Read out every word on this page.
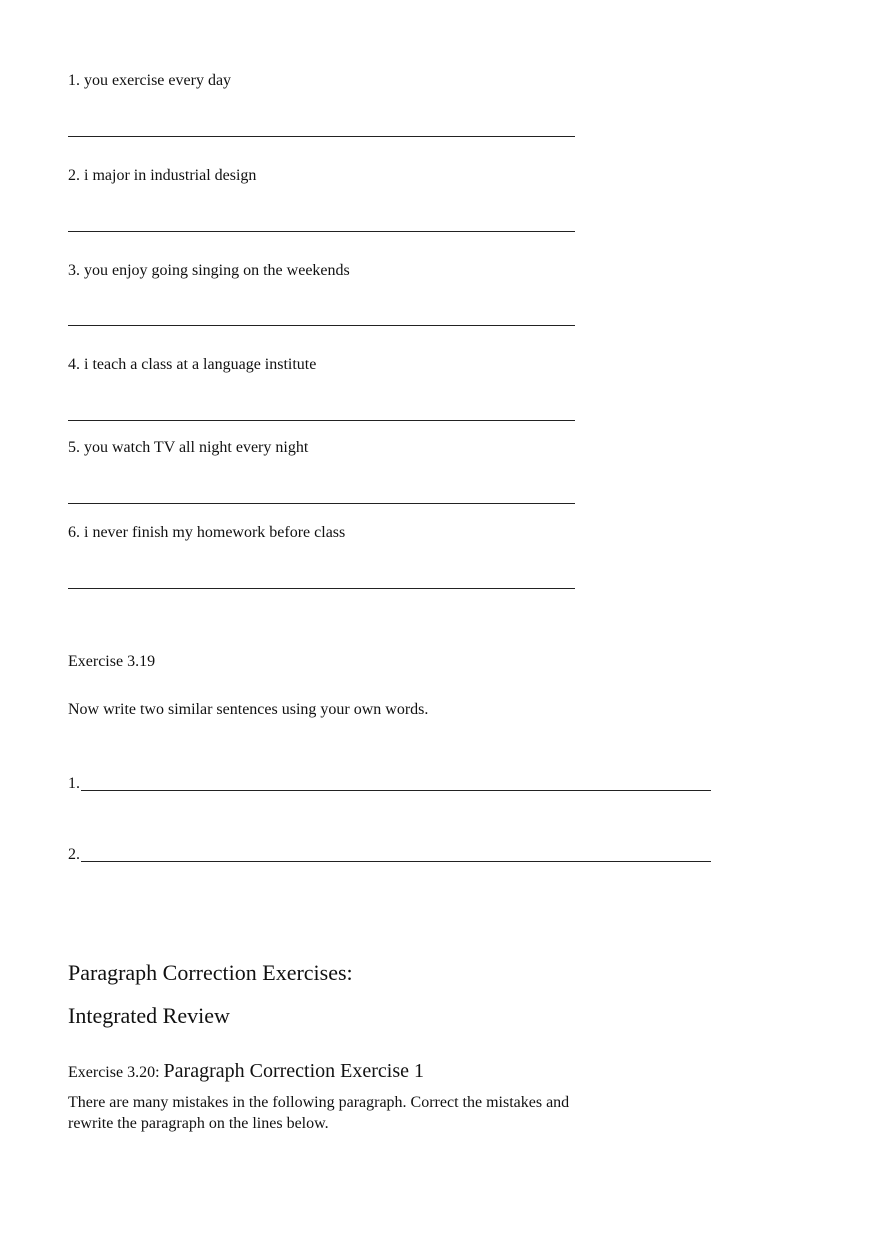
1. you exercise every day
2. i major in industrial design
3. you enjoy going singing on the weekends
4. i teach a class at a language institute
5. you watch TV all night every night
6. i never finish my homework before class
Exercise 3.19
Now write two similar sentences using your own words.
1.
2.
Paragraph Correction Exercises:
Integrated Review
Exercise 3.20: Paragraph Correction Exercise 1
There are many mistakes in the following paragraph. Correct the mistakes and
rewrite the paragraph on the lines below.
